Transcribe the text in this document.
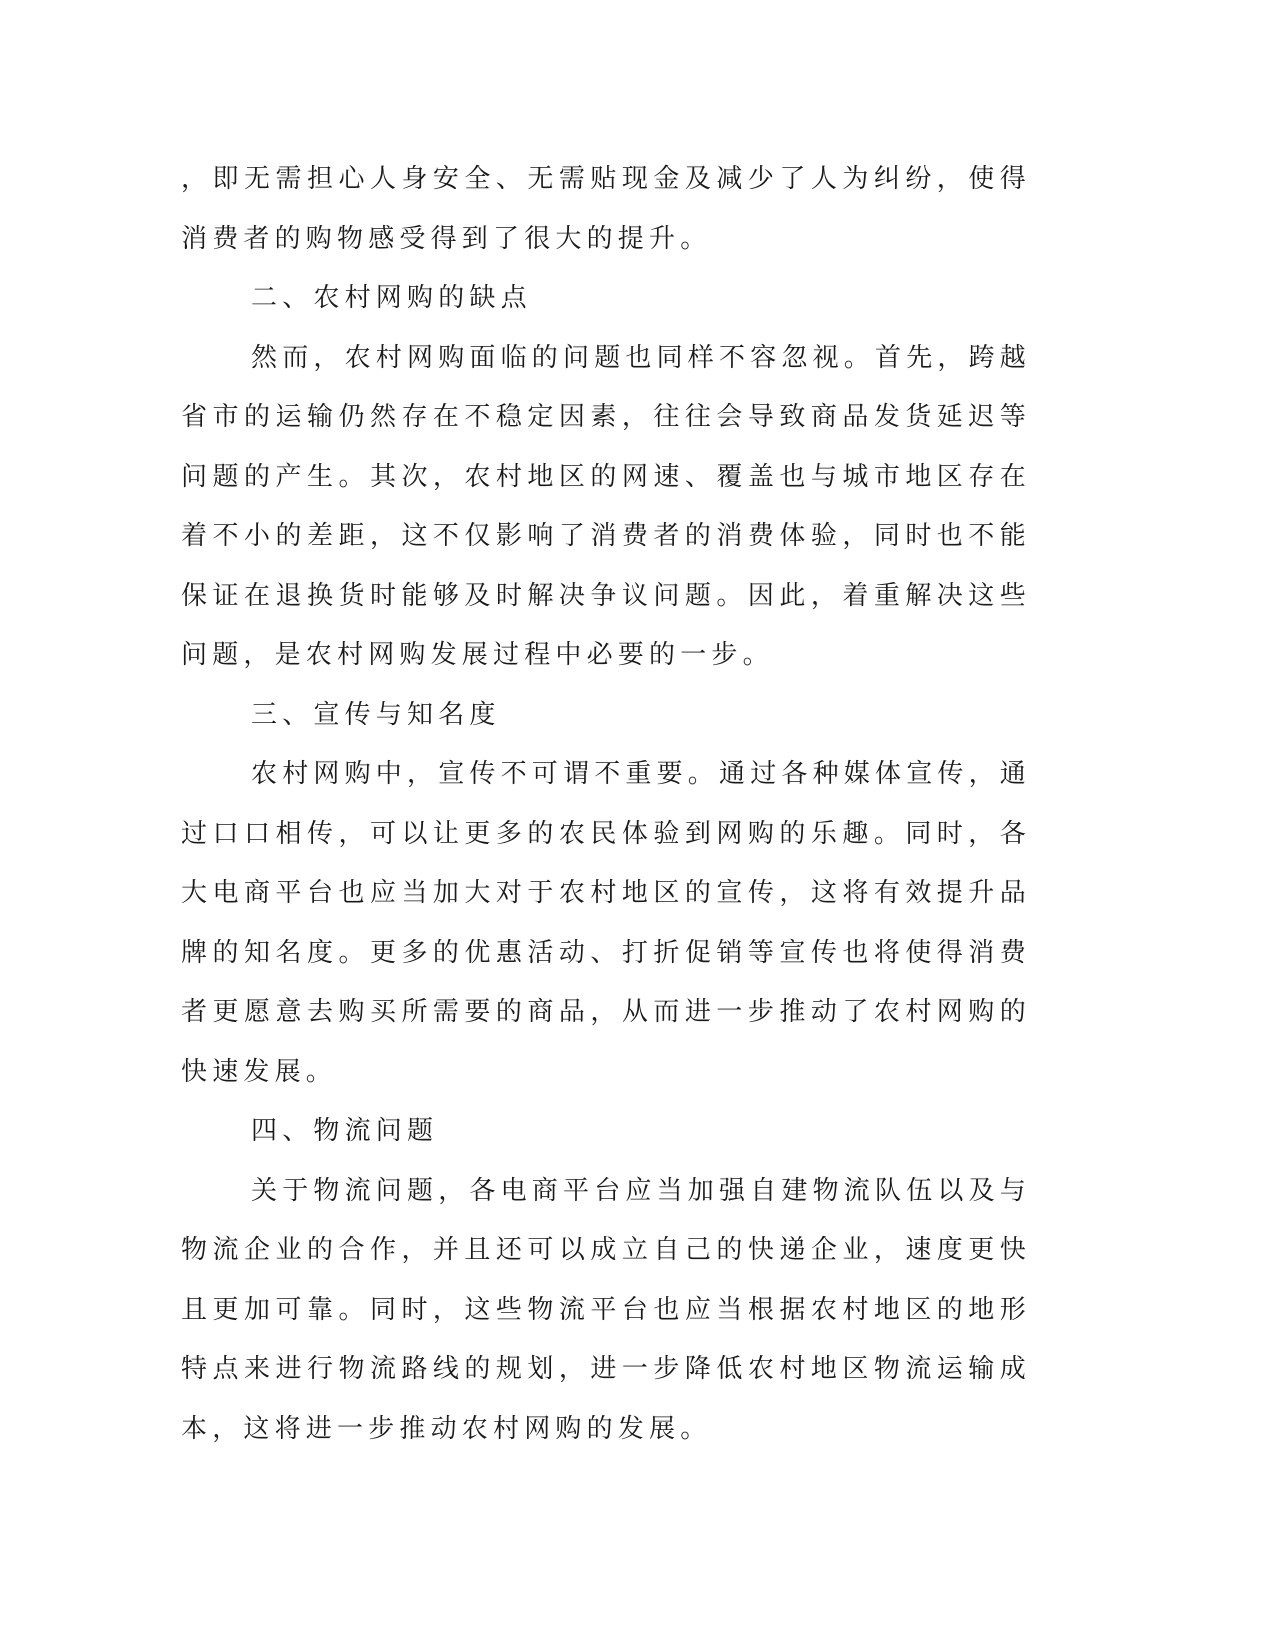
，即无需担心人身安全、无需贴现金及减少了人为纠纷，使得消费者的购物感受得到了很大的提升。

二、农村网购的缺点

然而，农村网购面临的问题也同样不容忽视。首先，跨越省市的运输仍然存在不稳定因素，往往会导致商品发货延迟等问题的产生。其次，农村地区的网速、覆盖也与城市地区存在着不小的差距，这不仅影响了消费者的消费体验，同时也不能保证在退换货时能够及时解决争议问题。因此，着重解决这些问题，是农村网购发展过程中必要的一步。

三、宣传与知名度

农村网购中，宣传不可谓不重要。通过各种媒体宣传，通过口口相传，可以让更多的农民体验到网购的乐趣。同时，各大电商平台也应当加大对于农村地区的宣传，这将有效提升品牌的知名度。更多的优惠活动、打折促销等宣传也将使得消费者更愿意去购买所需要的商品，从而进一步推动了农村网购的快速发展。

四、物流问题

关于物流问题，各电商平台应当加强自建物流队伍以及与物流企业的合作，并且还可以成立自己的快递企业，速度更快且更加可靠。同时，这些物流平台也应当根据农村地区的地形特点来进行物流路线的规划，进一步降低农村地区物流运输成本，这将进一步推动农村网购的发展。
